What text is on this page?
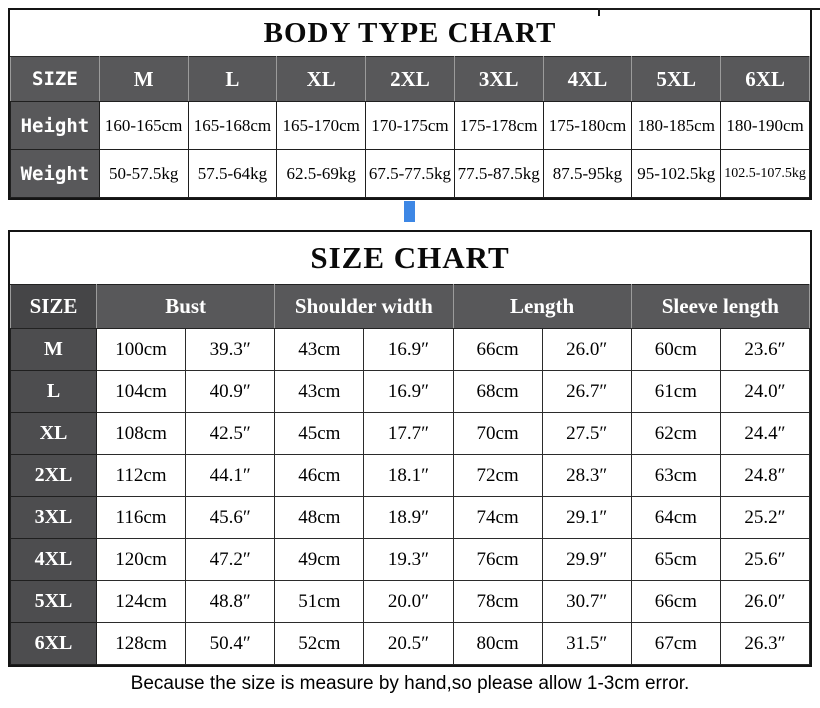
BODY TYPE CHART
SIZE	M	L	XL	2XL	3XL	4XL	5XL	6XL
Height	160-165cm	165-168cm	165-170cm	170-175cm	175-178cm	175-180cm	180-185cm	180-190cm
Weight	50-57.5kg	57.5-64kg	62.5-69kg	67.5-77.5kg	77.5-87.5kg	87.5-95kg	95-102.5kg	102.5-107.5kg
SIZE CHART
SIZE	Bust		Shoulder width		Length		Sleeve length	
M	100cm	39.3″	43cm	16.9″	66cm	26.0″	60cm	23.6″
L	104cm	40.9″	43cm	16.9″	68cm	26.7″	61cm	24.0″
XL	108cm	42.5″	45cm	17.7″	70cm	27.5″	62cm	24.4″
2XL	112cm	44.1″	46cm	18.1″	72cm	28.3″	63cm	24.8″
3XL	116cm	45.6″	48cm	18.9″	74cm	29.1″	64cm	25.2″
4XL	120cm	47.2″	49cm	19.3″	76cm	29.9″	65cm	25.6″
5XL	124cm	48.8″	51cm	20.0″	78cm	30.7″	66cm	26.0″
6XL	128cm	50.4″	52cm	20.5″	80cm	31.5″	67cm	26.3″

Because the size is measure by hand,so please allow 1-3cm error.
